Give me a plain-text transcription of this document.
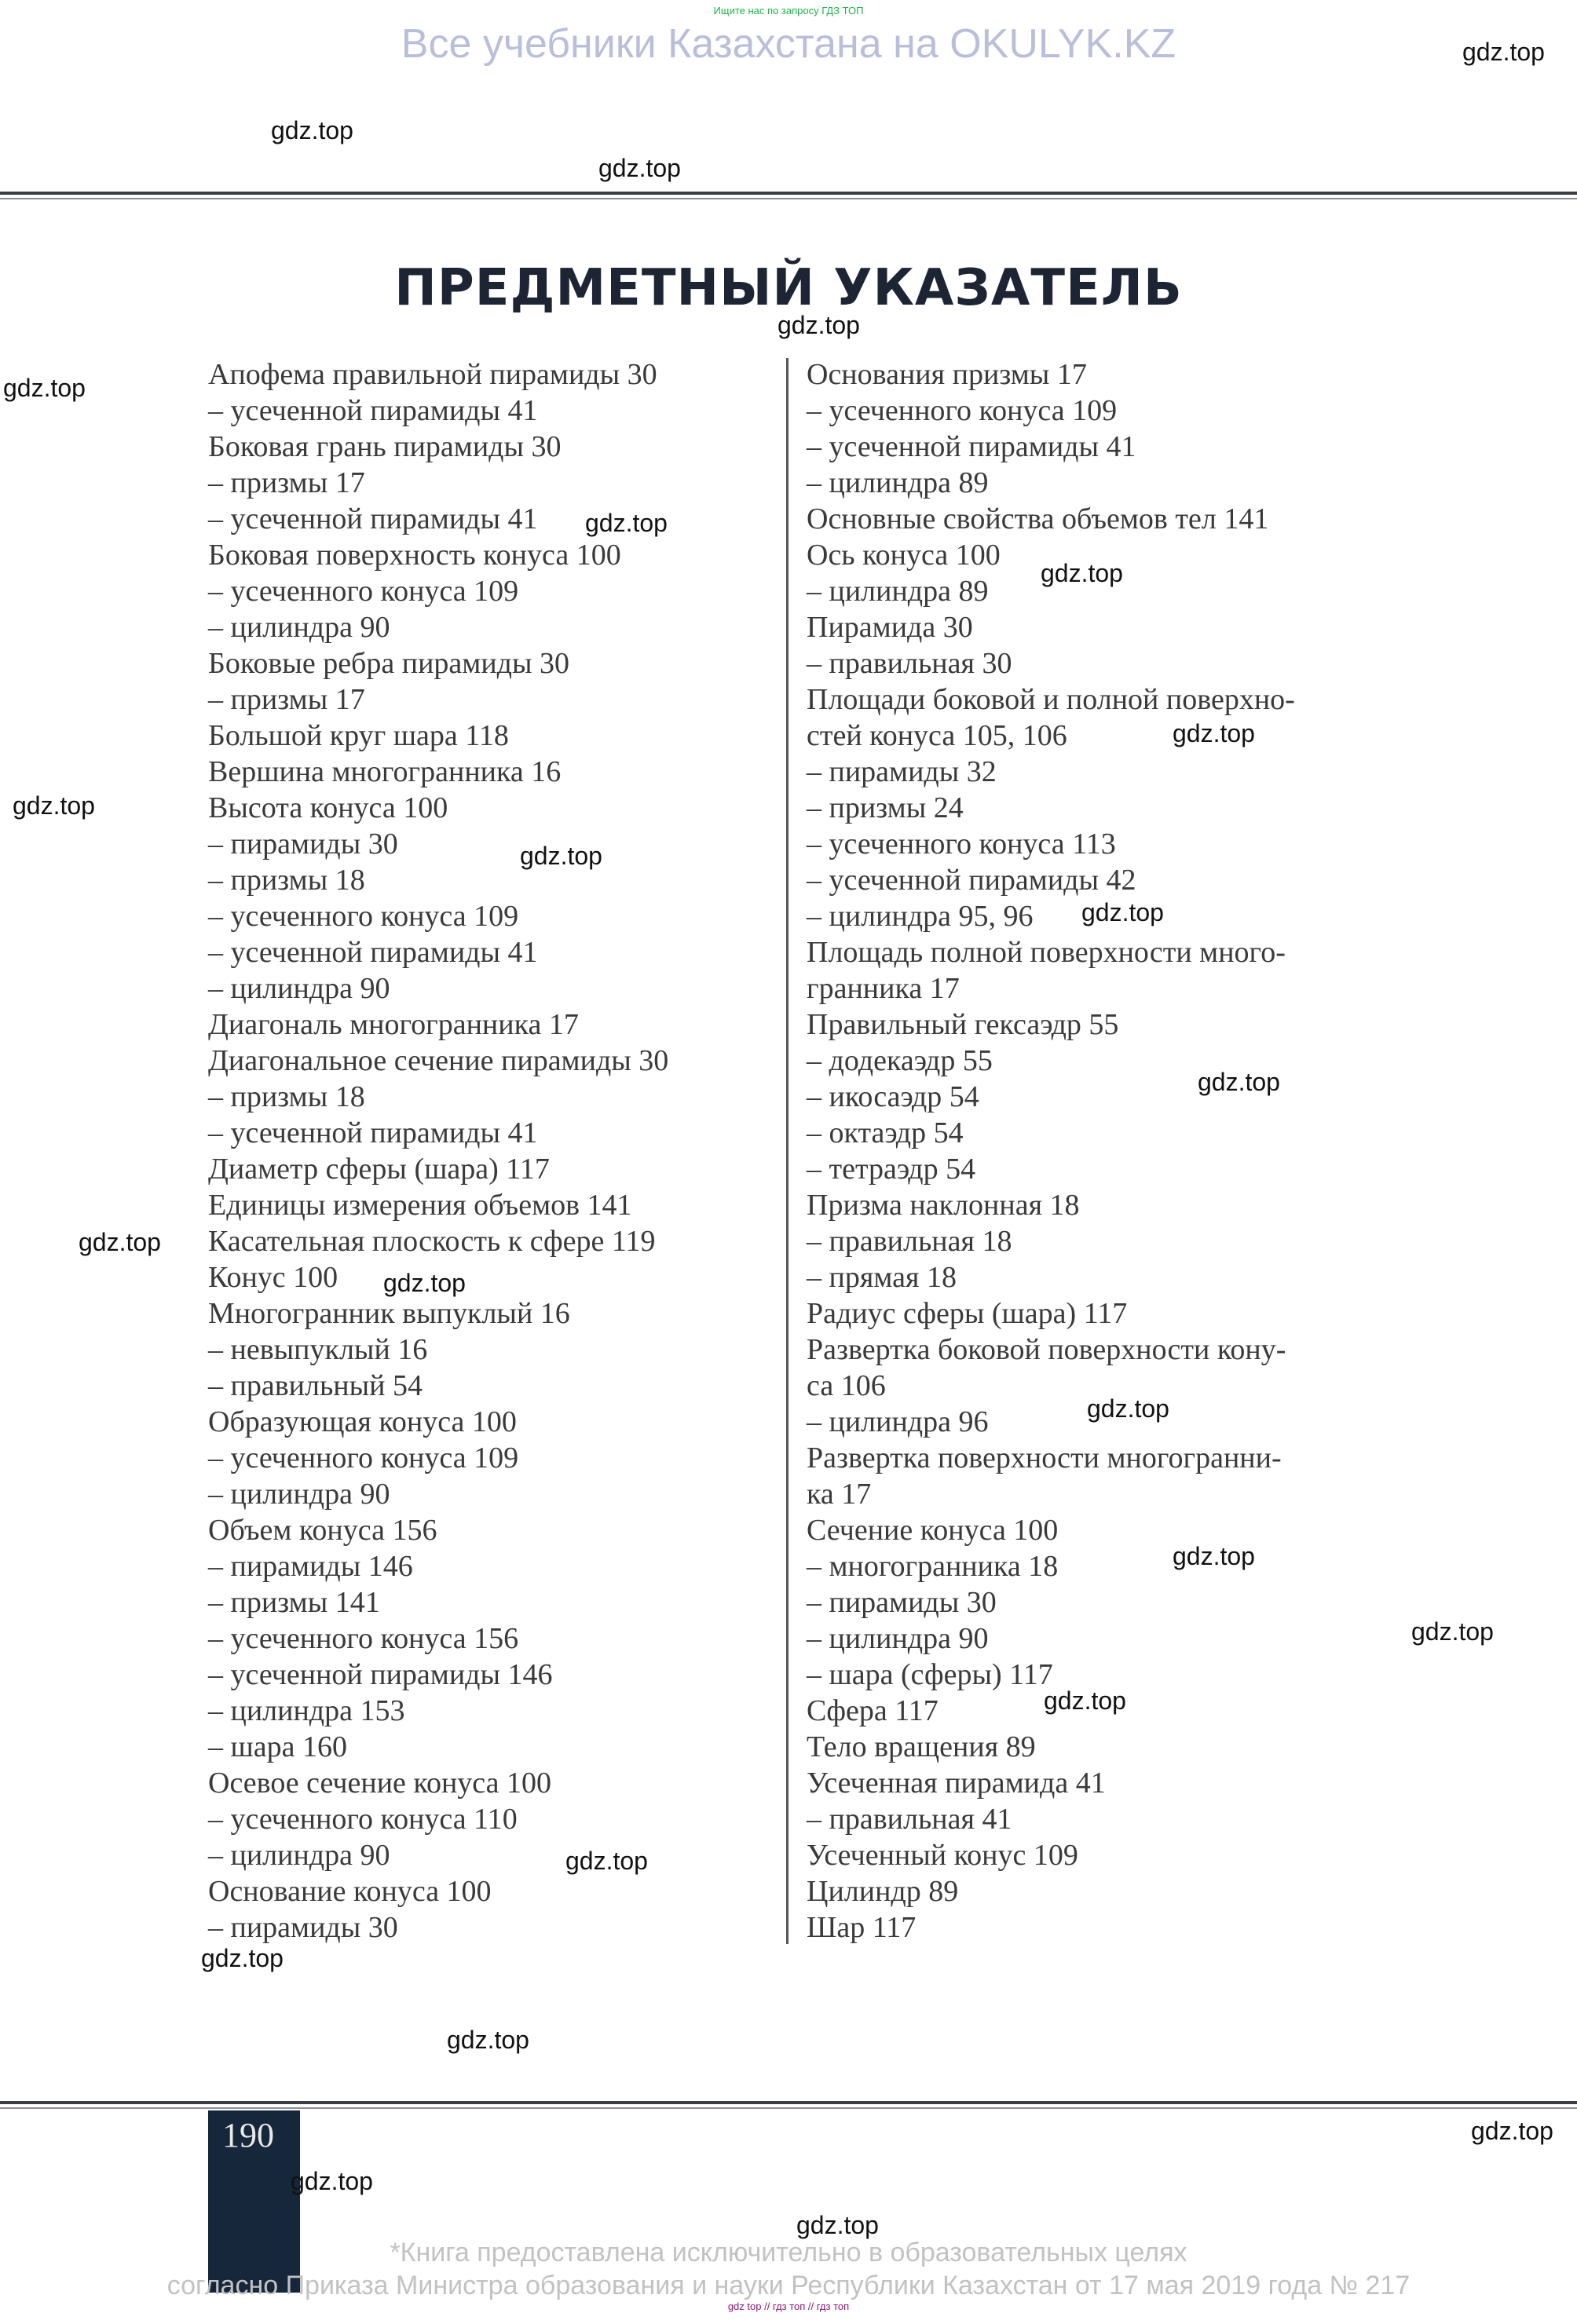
Ищите нас по запросу ГДЗ ТОП
Все учебники Казахстана на OKULYK.KZ
ПРЕДМЕТНЫЙ УКАЗАТЕЛЬ
Апофема правильной пирамиды 30
– усеченной пирамиды 41
Боковая грань пирамиды 30
– призмы 17
– усеченной пирамиды 41
Боковая поверхность конуса 100
– усеченного конуса 109
– цилиндра 90
Боковые ребра пирамиды 30
– призмы 17
Большой круг шара 118
Вершина многогранника 16
Высота конуса 100
– пирамиды 30
– призмы 18
– усеченного конуса 109
– усеченной пирамиды 41
– цилиндра 90
Диагональ многогранника 17
Диагональное сечение пирамиды 30
– призмы 18
– усеченной пирамиды 41
Диаметр сферы (шара) 117
Единицы измерения объемов 141
Касательная плоскость к сфере 119
Конус 100
Многогранник выпуклый 16
– невыпуклый 16
– правильный 54
Образующая конуса 100
– усеченного конуса 109
– цилиндра 90
Объем конуса 156
– пирамиды 146
– призмы 141
– усеченного конуса 156
– усеченной пирамиды 146
– цилиндра 153
– шара 160
Осевое сечение конуса 100
– усеченного конуса 110
– цилиндра 90
Основание конуса 100
– пирамиды 30
Основания призмы 17
– усеченного конуса 109
– усеченной пирамиды 41
– цилиндра 89
Основные свойства объемов тел 141
Ось конуса 100
– цилиндра 89
Пирамида 30
– правильная 30
Площади боковой и полной поверхно-
стей конуса 105, 106
– пирамиды 32
– призмы 24
– усеченного конуса 113
– усеченной пирамиды 42
– цилиндра 95, 96
Площадь полной поверхности много-
гранника 17
Правильный гексаэдр 55
– додекаэдр 55
– икосаэдр 54
– октаэдр 54
– тетраэдр 54
Призма наклонная 18
– правильная 18
– прямая 18
Радиус сферы (шара) 117
Развертка боковой поверхности кону-
са 106
– цилиндра 96
Развертка поверхности многогранни-
ка 17
Сечение конуса 100
– многогранника 18
– пирамиды 30
– цилиндра 90
– шара (сферы) 117
Сфера 117
Тело вращения 89
Усеченная пирамида 41
– правильная 41
Усеченный конус 109
Цилиндр 89
Шар 117
gdz.top
gdz.top
gdz.top
gdz.top
gdz.top
gdz.top
gdz.top
gdz.top
gdz.top
gdz.top
gdz.top
gdz.top
gdz.top
gdz.top
gdz.top
gdz.top
gdz.top
gdz.top
gdz.top
gdz.top
gdz.top
gdz.top
190
gdz.top
gdz.top
*Книга предоставлена исключительно в образовательных целях
согласно Приказа Министра образования и науки Республики Казахстан от 17 мая 2019 года № 217
gdz top // гдз топ // гдз топ
